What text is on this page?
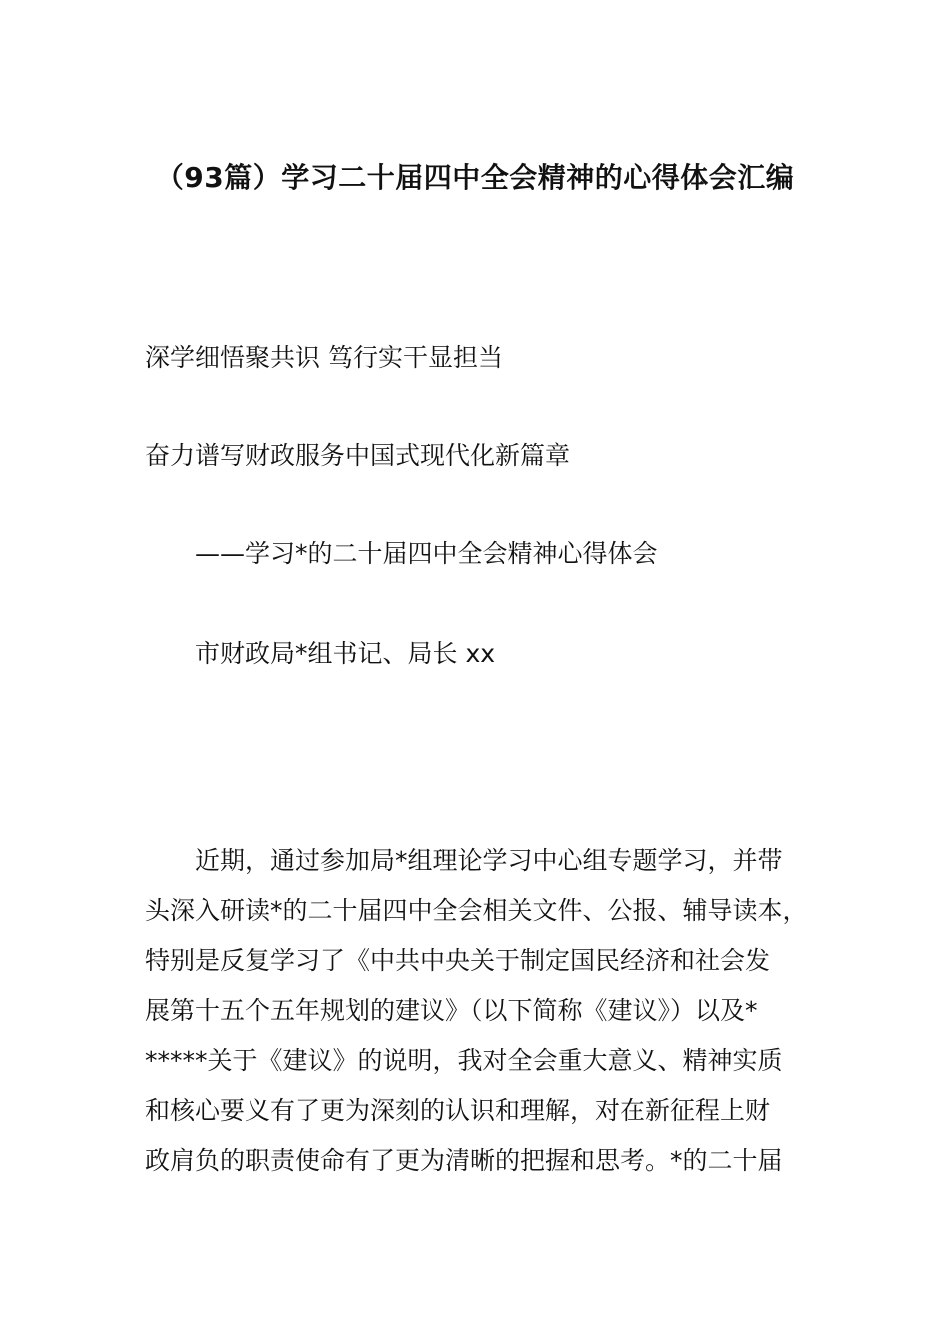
（93篇）学习二十届四中全会精神的心得体会汇编
深学细悟聚共识 笃行实干显担当
奋力谱写财政服务中国式现代化新篇章
——学习*的二十届四中全会精神心得体会
市财政局*组书记、局长 xx
近期，通过参加局*组理论学习中心组专题学习，并带
头深入研读*的二十届四中全会相关文件、公报、辅导读本，
特别是反复学习了《中共中央关于制定国民经济和社会发
展第十五个五年规划的建议》（以下简称《建议》）以及*
*****关于《建议》的说明，我对全会重大意义、精神实质
和核心要义有了更为深刻的认识和理解，对在新征程上财
政肩负的职责使命有了更为清晰的把握和思考。*的二十届
